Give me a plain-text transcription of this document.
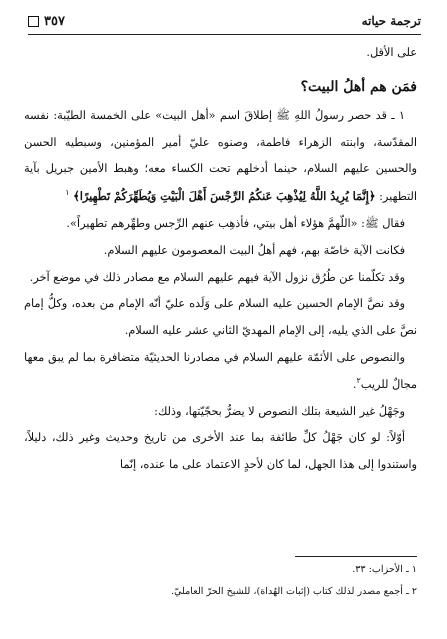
ترجمة حياته
٣٥٧

على الأقل.

فمَن هم أهلُ البيت؟

١ ـ قد حصر رسولُ اللهِ ﷺ إطلاقَ اسم «أهل البيت» على الخمسة الطيّبة: نفسه المقدّسة، وابنته الزهراء فاطمة، وصنوه عليّ أمير المؤمنين، وسبطيه الحسن والحسين عليهم السلام، حينما أدخلهم تحت الكساء معه؛ وهبط الأمين جبريل بآية التطهير: ﴿إِنَّمَا يُرِيدُ اللَّهُ لِيُذْهِبَ عَنكُمُ الرِّجْسَ أَهْلَ الْبَيْتِ وَيُطَهِّرَكُمْ تَطْهِيرًا﴾ $^١$

فقال ﷺ: «اللّهمَّ هؤلاء أهل بيتي، فأذهِب عنهم الرِّجس وطهِّرهم تطهيراً».

فكانت الآية خاصّة بهم، فهم أهلُ البيت المعصومون عليهم السلام.

وقد تكلّمنا عن طُرُق نزول الآية فيهم عليهم السلام مع مصادر ذلك في موضع آخر.

وقد نصَّ الإمام الحسين عليه السلام على وَلَده عليّ أنّه الإمام من بعده، وكلُّ إمام نصَّ على الذي يليه، إلى الإمام المهديّ الثاني عشر عليه السلام.

والنصوص على الأئمّة عليهم السلام في مصادرنا الحديثيّة متضافرة بما لم يبق معها مجالٌ للريب$^٢$.

وجَهْلُ غير الشيعة بتلك النصوص لا يضرُّ بحجّيّتها، وذلك:

أوّلاً: لو كان جَهْلُ كلِّ طائفة بما عند الأخرى من تاريخ وحديث وغير ذلك، دليلاً، واستندوا إلى هذا الجهل، لما كان لأحدٍ الاعتماد على ما عنده، إنّما

١ ـ الأحزاب: ٣٣.

٢ ـ أجمع مصدر لذلك كتاب (إثبات الهُداة)، للشيخ الحرّ العامليّ.
